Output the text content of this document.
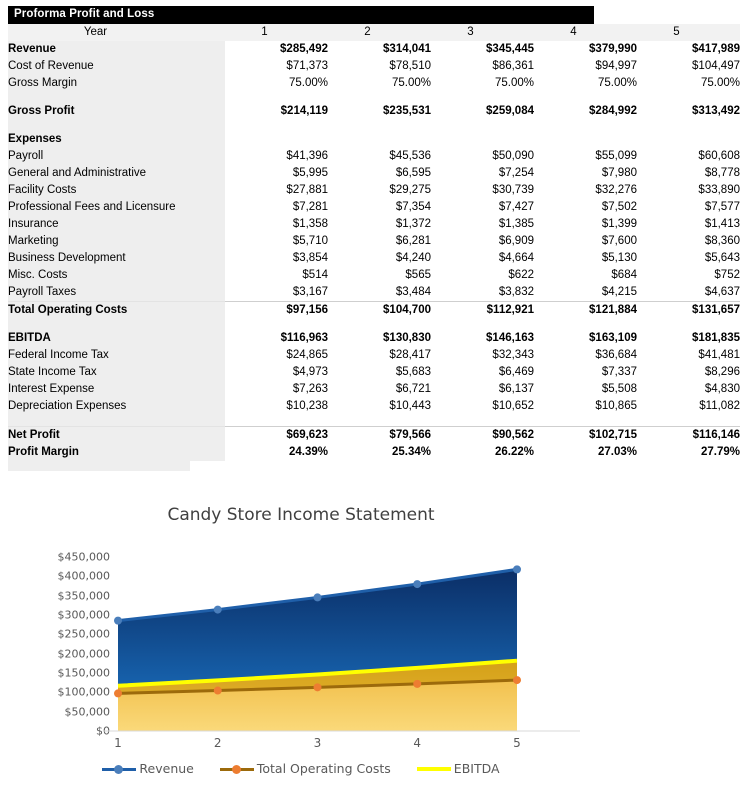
Proforma Profit and Loss
Year	1	2	3	4	5
Revenue	$285,492	$314,041	$345,445	$379,990	$417,989
Cost of Revenue	$71,373	$78,510	$86,361	$94,997	$104,497
Gross Margin	75.00%	75.00%	75.00%	75.00%	75.00%

Gross Profit	$214,119	$235,531	$259,084	$284,992	$313,492

Expenses					
Payroll	$41,396	$45,536	$50,090	$55,099	$60,608
General and Administrative	$5,995	$6,595	$7,254	$7,980	$8,778
Facility Costs	$27,881	$29,275	$30,739	$32,276	$33,890
Professional Fees and Licensure	$7,281	$7,354	$7,427	$7,502	$7,577
Insurance	$1,358	$1,372	$1,385	$1,399	$1,413
Marketing	$5,710	$6,281	$6,909	$7,600	$8,360
Business Development	$3,854	$4,240	$4,664	$5,130	$5,643
Misc. Costs	$514	$565	$622	$684	$752
Payroll Taxes	$3,167	$3,484	$3,832	$4,215	$4,637
Total Operating Costs	$97,156	$104,700	$112,921	$121,884	$131,657

EBITDA	$116,963	$130,830	$146,163	$163,109	$181,835
Federal Income Tax	$24,865	$28,417	$32,343	$36,684	$41,481
State Income Tax	$4,973	$5,683	$6,469	$7,337	$8,296
Interest Expense	$7,263	$6,721	$6,137	$5,508	$4,830
Depreciation Expenses	$10,238	$10,443	$10,652	$10,865	$11,082

Net Profit	$69,623	$79,566	$90,562	$102,715	$116,146
Profit Margin	24.39%	25.34%	26.22%	27.03%	27.79%
Candy Store Income Statement
$0
$50,000
$100,000
$150,000
$200,000
$250,000
$300,000
$350,000
$400,000
$450,000
1	2	3	4	5
Revenue	Total Operating Costs	EBITDA
